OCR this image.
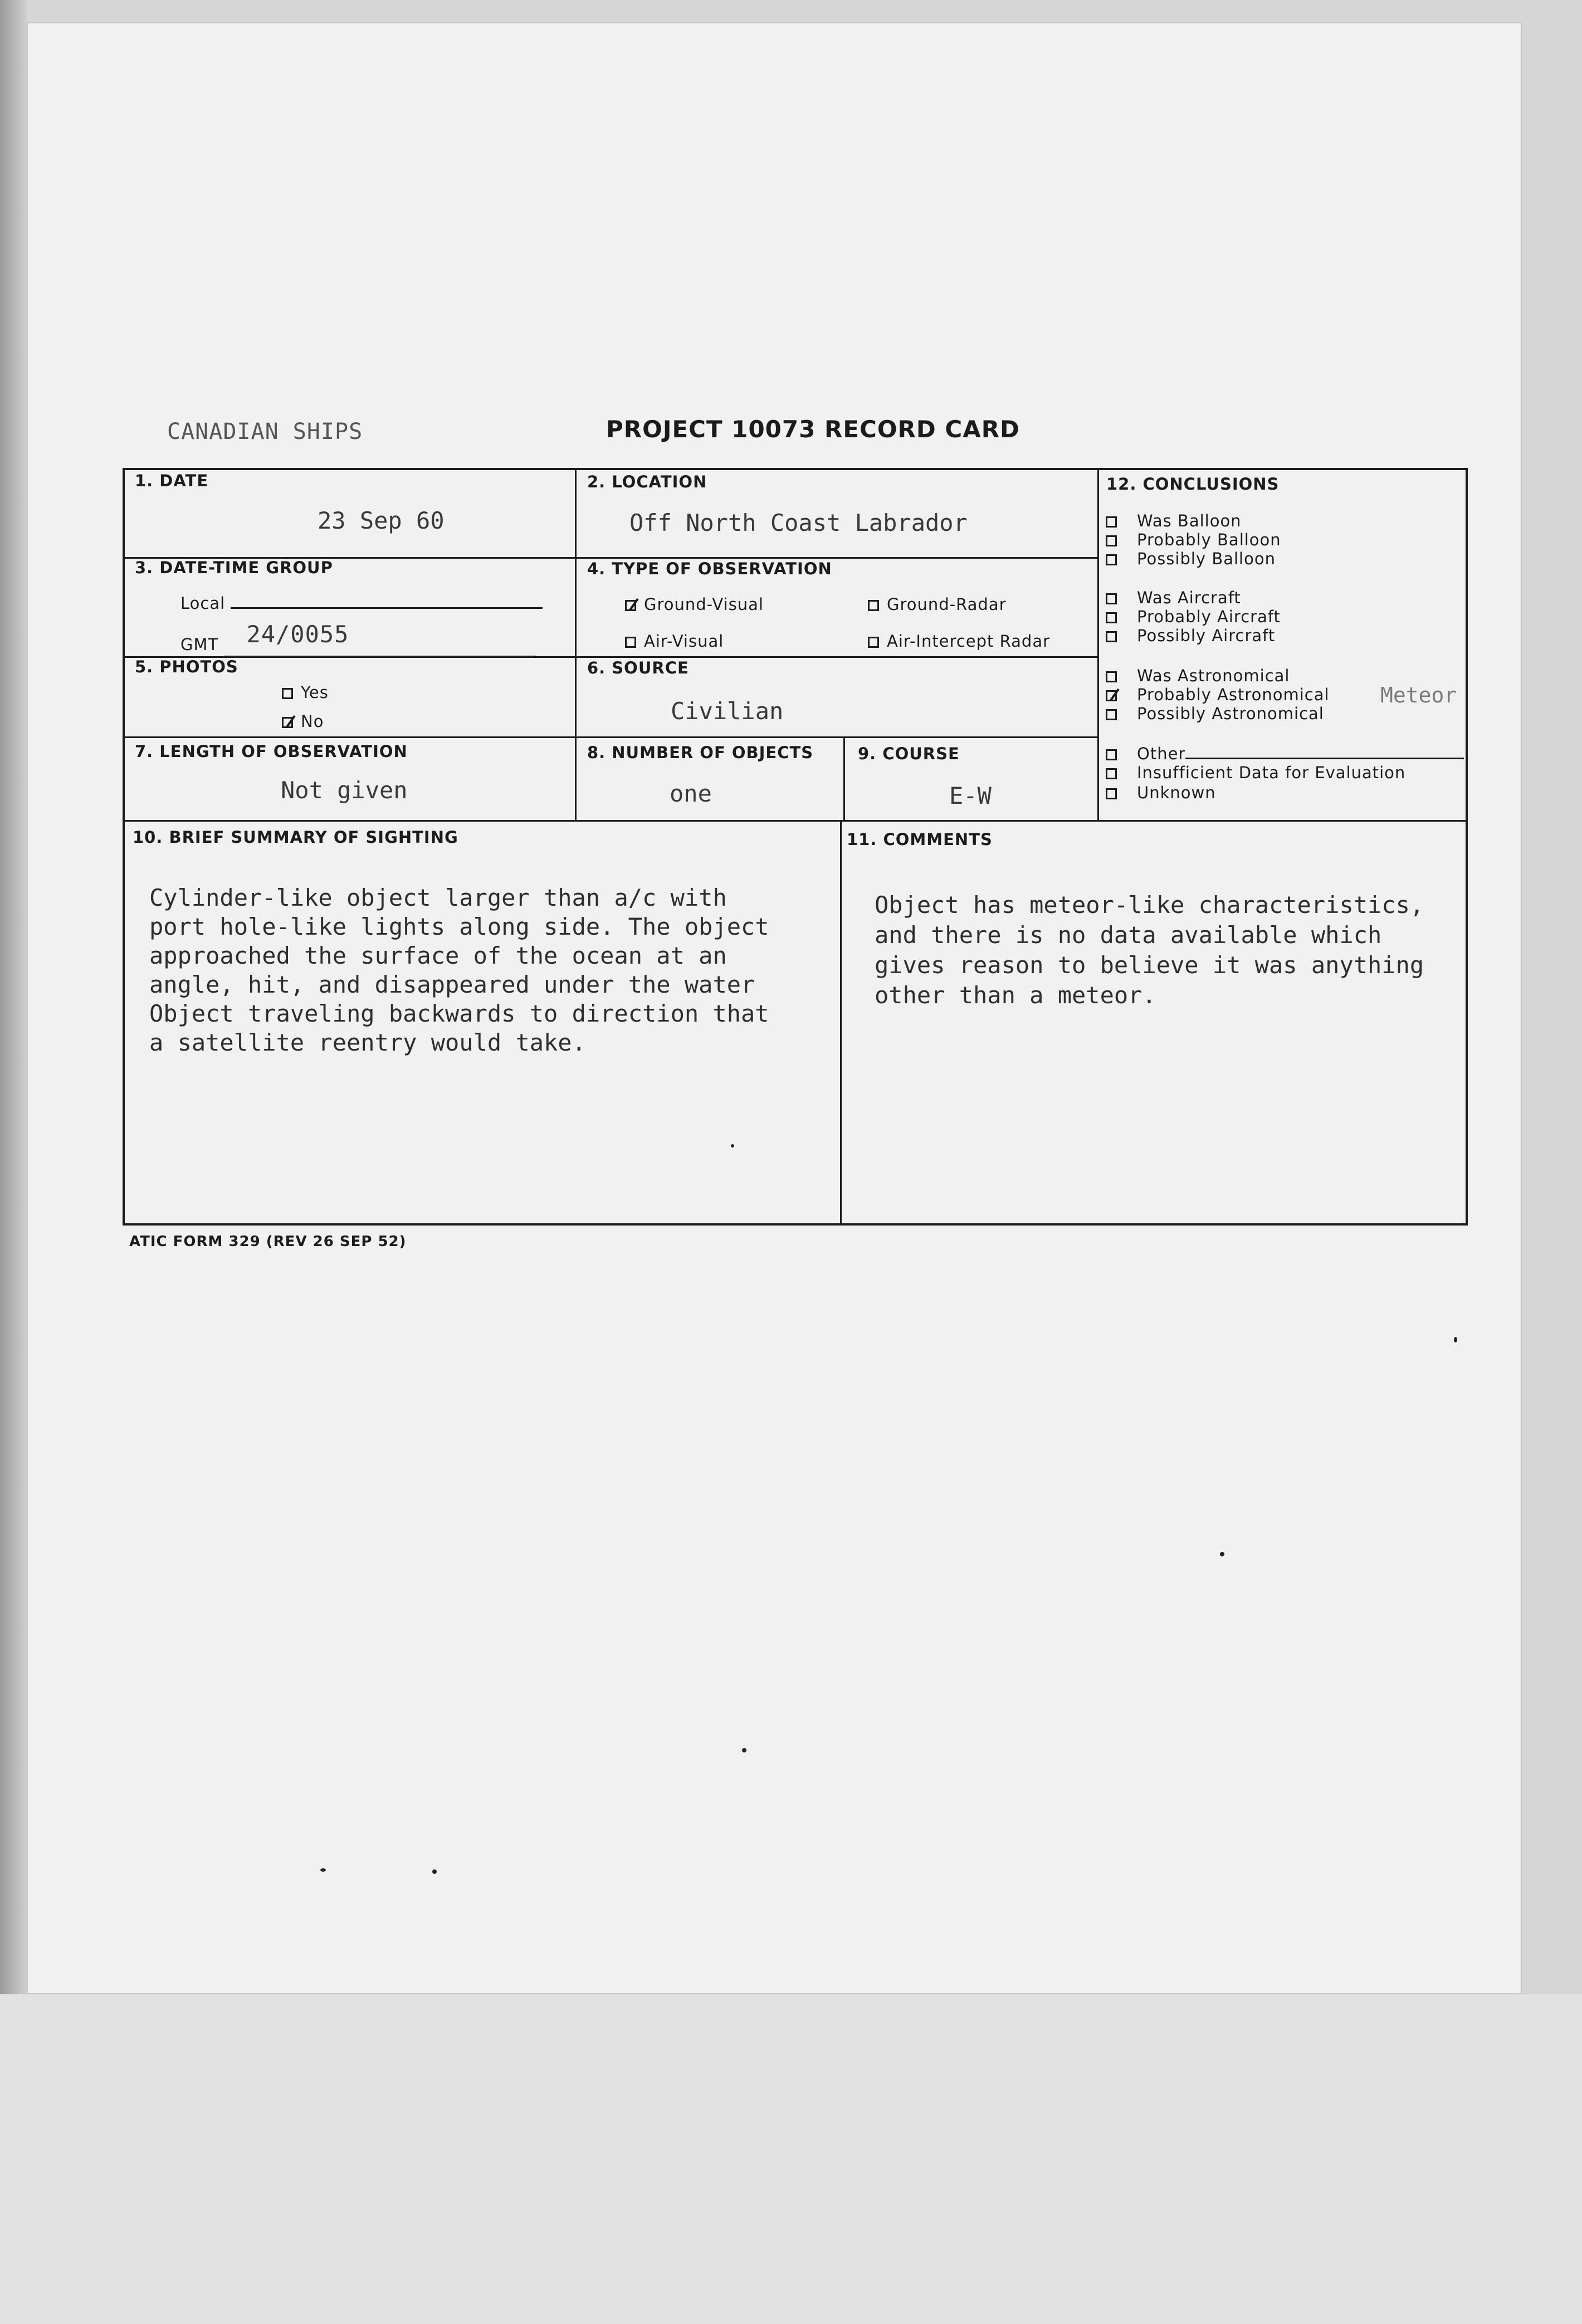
CANADIAN SHIPS	PROJECT 10073 RECORD CARD
1. DATE
23 Sep 60
2. LOCATION
Off North Coast Labrador
3. DATE-TIME GROUP
Local
GMT 24/0055
4. TYPE OF OBSERVATION
Ground-Visual	Ground-Radar
Air-Visual	Air-Intercept Radar
5. PHOTOS
Yes
No
6. SOURCE
Civilian
7. LENGTH OF OBSERVATION
Not given
8. NUMBER OF OBJECTS
one
9. COURSE
E-W
10. BRIEF SUMMARY OF SIGHTING

Cylinder-like object larger than a/c with
port hole-like lights along side. The object
approached the surface of the ocean at an
angle, hit, and disappeared under the water
Object traveling backwards to direction that
a satellite reentry would take.
11. COMMENTS

Object has meteor-like characteristics,
and there is no data available which
gives reason to believe it was anything
other than a meteor.
12. CONCLUSIONS
Was Balloon
Probably Balloon
Possibly Balloon
Was Aircraft
Probably Aircraft
Possibly Aircraft
Was Astronomical
Probably Astronomical Meteor
Possibly Astronomical
Other
Insufficient Data for Evaluation
Unknown
ATIC FORM 329 (REV 26 SEP 52)
